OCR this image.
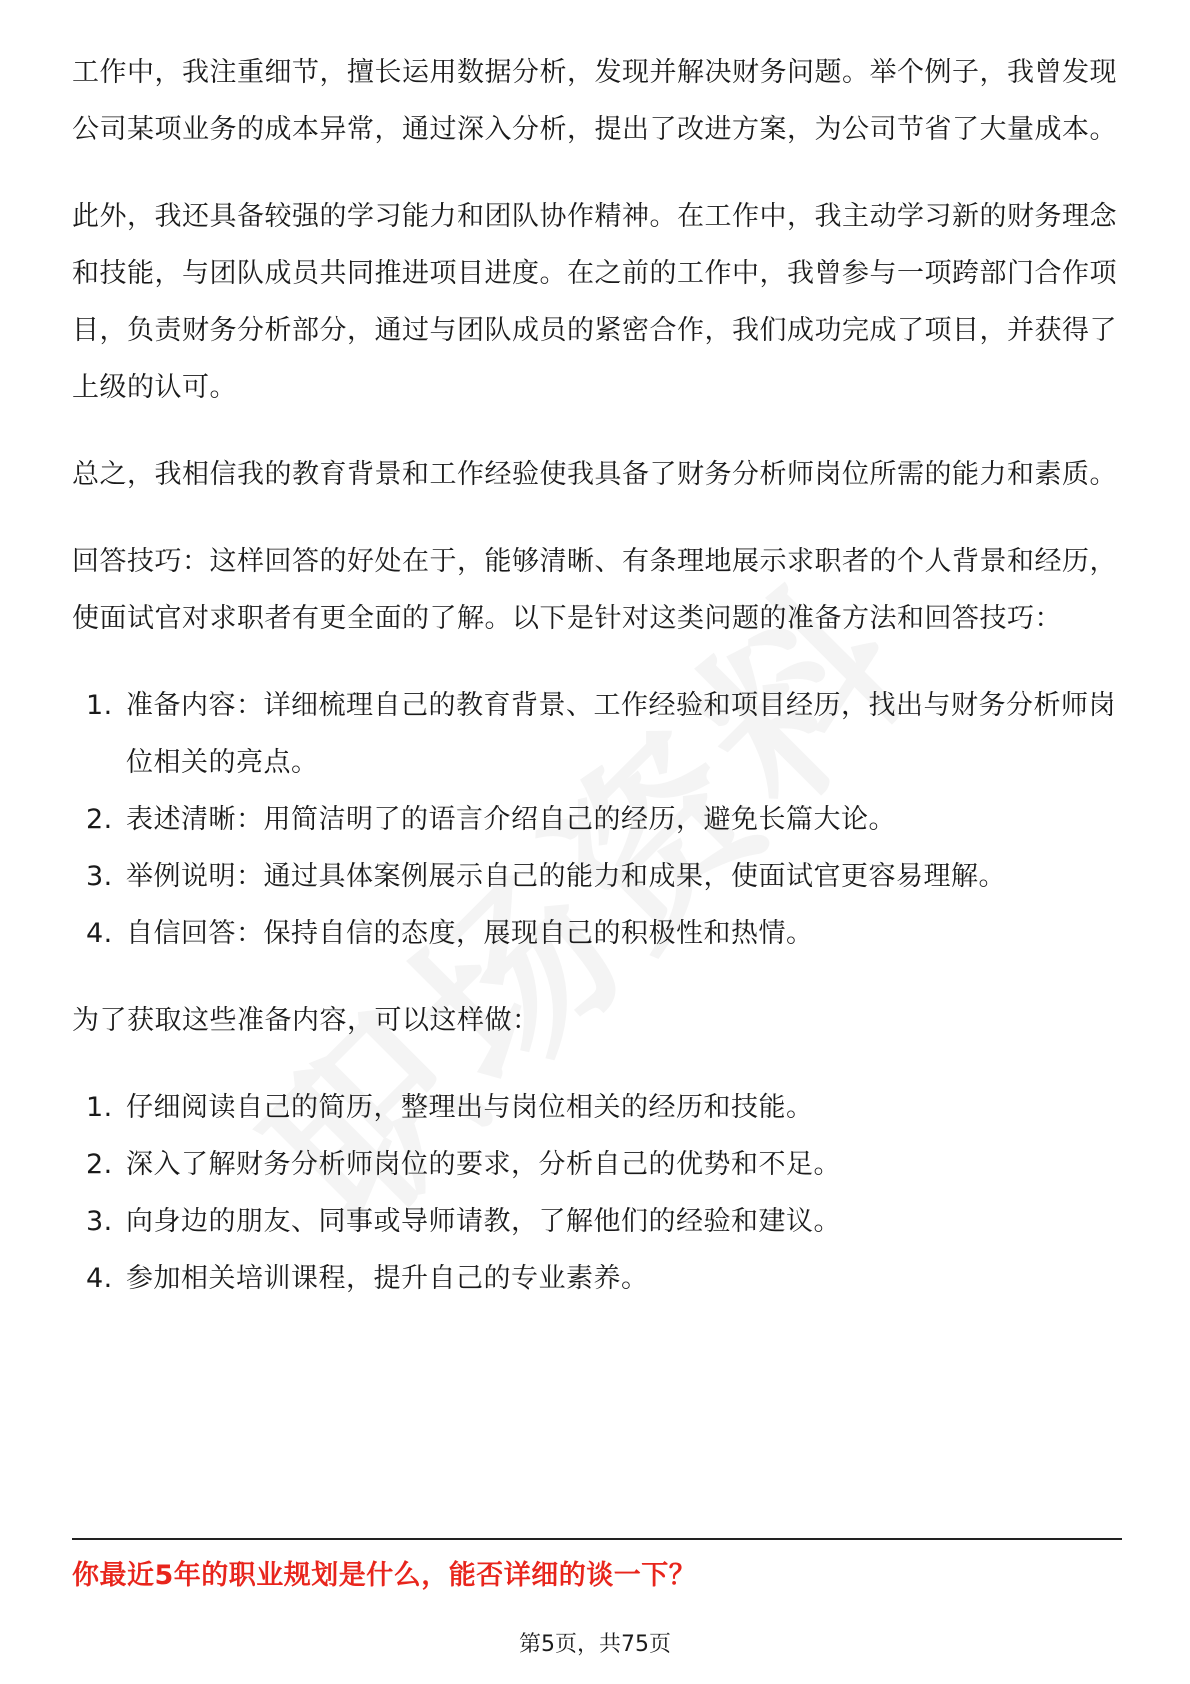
工作中，我注重细节，擅长运用数据分析，发现并解决财务问题。举个例子，我曾发现公司某项业务的成本异常，通过深入分析，提出了改进方案，为公司节省了大量成本。

此外，我还具备较强的学习能力和团队协作精神。在工作中，我主动学习新的财务理念和技能，与团队成员共同推进项目进度。在之前的工作中，我曾参与一项跨部门合作项目，负责财务分析部分，通过与团队成员的紧密合作，我们成功完成了项目，并获得了上级的认可。

总之，我相信我的教育背景和工作经验使我具备了财务分析师岗位所需的能力和素质。

回答技巧：这样回答的好处在于，能够清晰、有条理地展示求职者的个人背景和经历，使面试官对求职者有更全面的了解。以下是针对这类问题的准备方法和回答技巧：

1. 准备内容：详细梳理自己的教育背景、工作经验和项目经历，找出与财务分析师岗位相关的亮点。
2. 表述清晰：用简洁明了的语言介绍自己的经历，避免长篇大论。
3. 举例说明：通过具体案例展示自己的能力和成果，使面试官更容易理解。
4. 自信回答：保持自信的态度，展现自己的积极性和热情。

为了获取这些准备内容，可以这样做：

1. 仔细阅读自己的简历，整理出与岗位相关的经历和技能。
2. 深入了解财务分析师岗位的要求，分析自己的优势和不足。
3. 向身边的朋友、同事或导师请教，了解他们的经验和建议。
4. 参加相关培训课程，提升自己的专业素养。
你最近5年的职业规划是什么，能否详细的谈一下？
第5页，共75页
